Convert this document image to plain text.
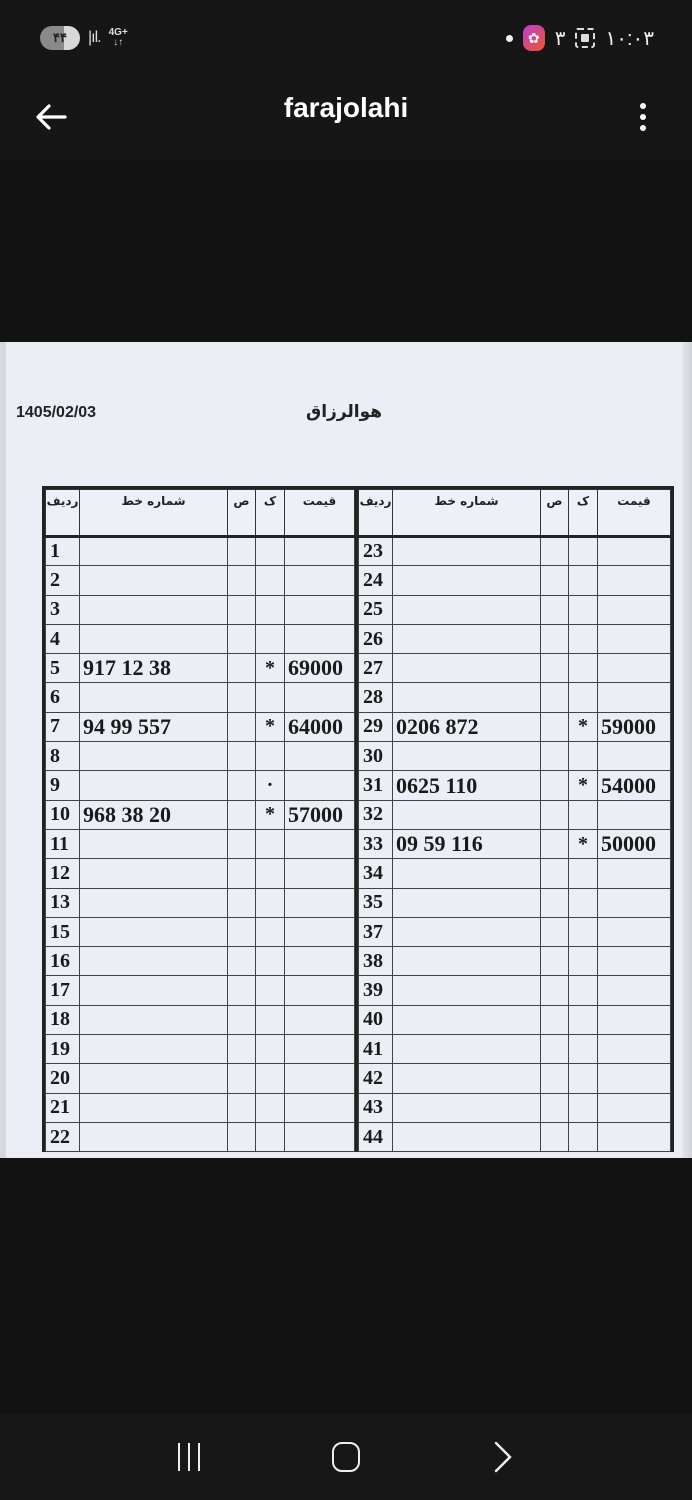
۴۴	|ıl. 4G+
↓↑	✿ ۳ ۱۰:۰۳
farajolahi
1405/02/03	هوالرزاق
ردیف	شماره خط	ص	ک	قیمت
1				
2				
3				
4				
5	917 12 38		*	69000
6				
7	94 99 557		*	64000
8				
9			·	
10	968 38 20		*	57000
11				
12				
13				
15				
16				
17				
18				
19				
20				
21				
22				
ردیف	شماره خط	ص	ک	قیمت
23				
24				
25				
26				
27				
28				
29	0206 872		*	59000
30				
31	0625 110		*	54000
32				
33	09 59 116		*	50000
34				
35				
37				
38				
39				
40				
41				
42				
43				
44				
